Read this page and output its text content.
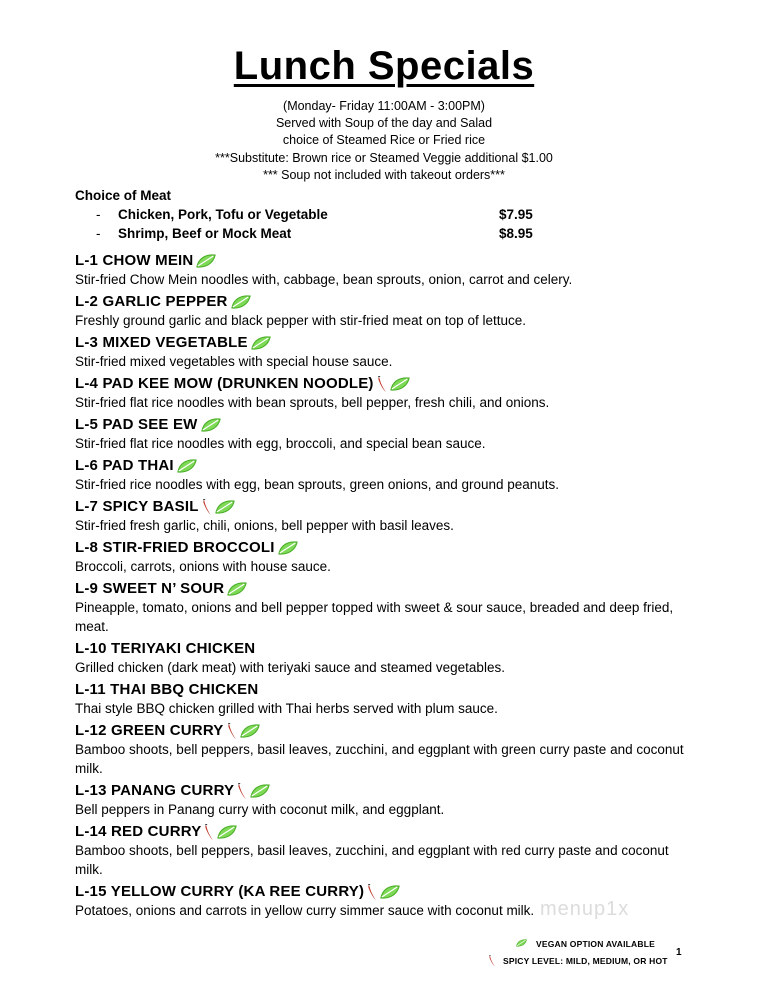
Lunch Specials
(Monday- Friday 11:00AM - 3:00PM)
Served with Soup of the day and Salad
choice of Steamed Rice or Fried rice
***Substitute: Brown rice or Steamed Veggie additional $1.00
*** Soup not included with takeout orders***
Choice of Meat
- Chicken, Pork, Tofu or Vegetable	$7.95
- Shrimp, Beef or Mock Meat	$8.95
L-1 CHOW MEIN
Stir-fried Chow Mein noodles with, cabbage, bean sprouts, onion, carrot and celery.
L-2 GARLIC PEPPER
Freshly ground garlic and black pepper with stir-fried meat on top of lettuce.
L-3 MIXED VEGETABLE
Stir-fried mixed vegetables with special house sauce.
L-4 PAD KEE MOW (DRUNKEN NOODLE)
Stir-fried flat rice noodles with bean sprouts, bell pepper, fresh chili, and onions.
L-5 PAD SEE EW
Stir-fried flat rice noodles with egg, broccoli, and special bean sauce.
L-6 PAD THAI
Stir-fried rice noodles with egg, bean sprouts, green onions, and ground peanuts.
L-7 SPICY BASIL
Stir-fried fresh garlic, chili, onions, bell pepper with basil leaves.
L-8 STIR-FRIED BROCCOLI
Broccoli, carrots, onions with house sauce.
L-9 SWEET N’ SOUR
Pineapple, tomato, onions and bell pepper topped with sweet & sour sauce, breaded and deep fried, meat.
L-10 TERIYAKI CHICKEN
Grilled chicken (dark meat) with teriyaki sauce and steamed vegetables.
L-11 THAI BBQ CHICKEN
Thai style BBQ chicken grilled with Thai herbs served with plum sauce.
L-12 GREEN CURRY
Bamboo shoots, bell peppers, basil leaves, zucchini, and eggplant with green curry paste and coconut milk.
L-13 PANANG CURRY
Bell peppers in Panang curry with coconut milk, and eggplant.
L-14 RED CURRY
Bamboo shoots, bell peppers, basil leaves, zucchini, and eggplant with red curry paste and coconut milk.
L-15 YELLOW CURRY (KA REE CURRY)
Potatoes, onions and carrots in yellow curry simmer sauce with coconut milk. menup1x
VEGAN OPTION AVAILABLE
SPICY LEVEL: MILD, MEDIUM, OR HOT
1
